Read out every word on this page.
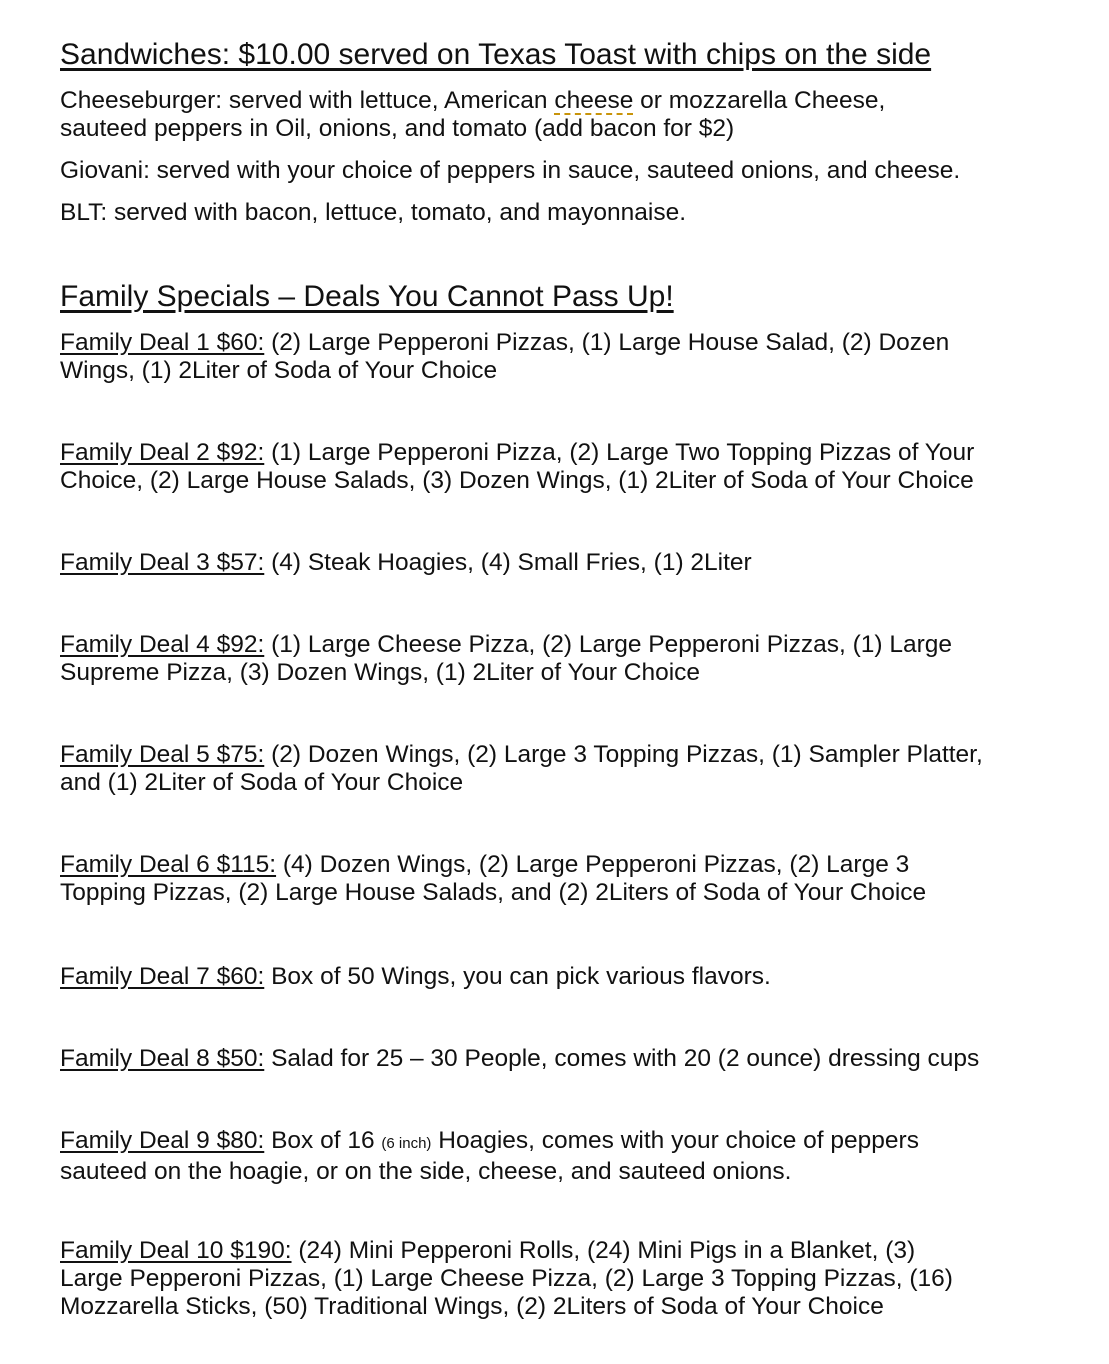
Sandwiches: $10.00 served on Texas Toast with chips on the side
Cheeseburger: served with lettuce, American cheese or mozzarella Cheese,
sauteed peppers in Oil, onions, and tomato (add bacon for $2)
Giovani: served with your choice of peppers in sauce, sauteed onions, and cheese.
BLT: served with bacon, lettuce, tomato, and mayonnaise.
Family Specials – Deals You Cannot Pass Up!
Family Deal 1 $60: (2) Large Pepperoni Pizzas, (1) Large House Salad, (2) Dozen
Wings, (1) 2Liter of Soda of Your Choice
Family Deal 2 $92: (1) Large Pepperoni Pizza, (2) Large Two Topping Pizzas of Your
Choice, (2) Large House Salads, (3) Dozen Wings, (1) 2Liter of Soda of Your Choice
Family Deal 3 $57: (4) Steak Hoagies, (4) Small Fries, (1) 2Liter
Family Deal 4 $92: (1) Large Cheese Pizza, (2) Large Pepperoni Pizzas, (1) Large
Supreme Pizza, (3) Dozen Wings, (1) 2Liter of Your Choice
Family Deal 5 $75: (2) Dozen Wings, (2) Large 3 Topping Pizzas, (1) Sampler Platter,
and (1) 2Liter of Soda of Your Choice
Family Deal 6 $115: (4) Dozen Wings, (2) Large Pepperoni Pizzas, (2) Large 3
Topping Pizzas, (2) Large House Salads, and (2) 2Liters of Soda of Your Choice
Family Deal 7 $60: Box of 50 Wings, you can pick various flavors.
Family Deal 8 $50: Salad for 25 – 30 People, comes with 20 (2 ounce) dressing cups
Family Deal 9 $80: Box of 16 (6 inch) Hoagies, comes with your choice of peppers
sauteed on the hoagie, or on the side, cheese, and sauteed onions.
Family Deal 10 $190: (24) Mini Pepperoni Rolls, (24) Mini Pigs in a Blanket, (3)
Large Pepperoni Pizzas, (1) Large Cheese Pizza, (2) Large 3 Topping Pizzas, (16)
Mozzarella Sticks, (50) Traditional Wings, (2) 2Liters of Soda of Your Choice
